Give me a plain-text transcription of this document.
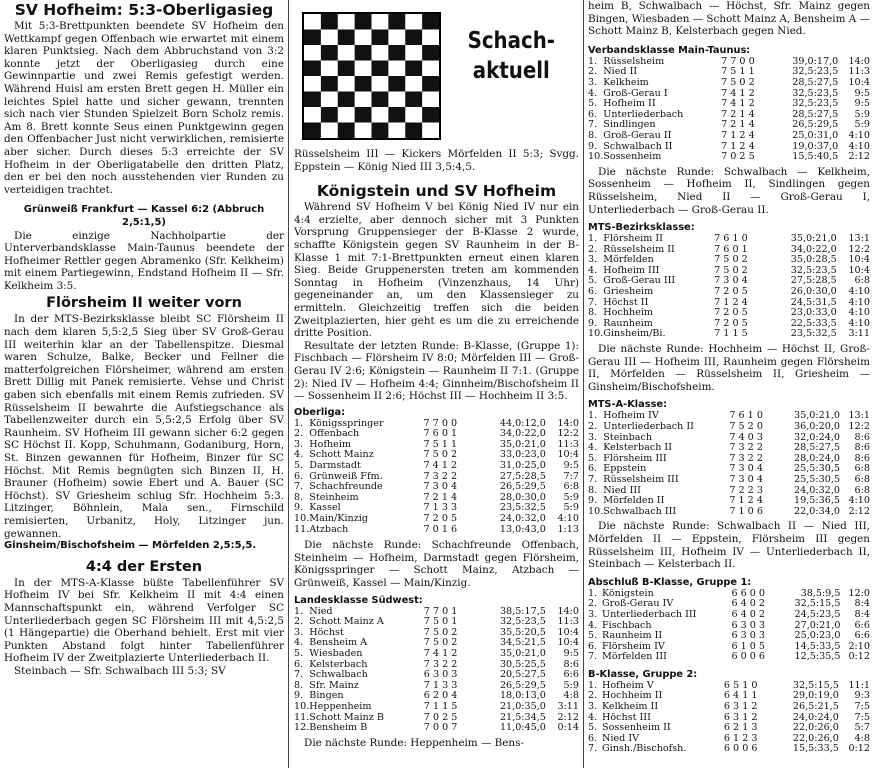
SV Hofheim: 5:3-Oberligasieg

Mit 5:3-Brettpunkten beendete SV Hofheim den Wettkampf gegen Offenbach wie erwartet mit einem klaren Punktsieg. Nach dem Abbruchstand von 3:2 konnte jetzt der Oberligasieg durch eine Gewinnpartie und zwei Remis gefestigt werden. Während Huisl am ersten Brett gegen H. Müller ein leichtes Spiel hatte und sicher gewann, trennten sich nach vier Stunden Spielzeit Born Scholz remis. Am 8. Brett konnte Seus einen Punktgewinn gegen den Offenbacher Just nicht verwirklichen, remisierte aber sicher. Durch dieses 5:3 erreichte der SV Hofheim in der Oberligatabelle den dritten Platz, den er bei den noch ausstehenden vier Runden zu verteidigen trachtet.

Grünweiß Frankfurt — Kassel 6:2 (Abbruch 2,5:1,5)

Die einzige Nachholpartie der Unterverbandsklasse Main-Taunus beendete der Hofheimer Rettler gegen Abramenko (Sfr. Kelkheim) mit einem Partiegewinn, Endstand Hofheim II — Sfr. Kelkheim 3:5.

Flörsheim II weiter vorn

In der MTS-Bezirksklasse bleibt SC Flörsheim II nach dem klaren 5,5:2,5 Sieg über SV Groß-Gerau III weiterhin klar an der Tabellenspitze. Diesmal waren Schulze, Balke, Becker und Fellner die matterfolgreichen Flörsheimer, während am ersten Brett Dillig mit Panek remisierte. Vehse und Christ gaben sich ebenfalls mit einem Remis zufrieden. SV Rüsselsheim II bewahrte die Aufstiegschance als Tabellenzweiter durch ein 5,5:2,5 Erfolg über SV Raunheim. SV Hofheim III gewann sicher 6:2 gegen SC Höchst II. Kopp, Schuhmann, Godaniburg, Horn, St. Binzen gewannen für Hofheim, Binzer für SC Höchst. Mit Remis begnügten sich Binzen II, H. Brauner (Hofheim) sowie Ebert und A. Bauer (SC Höchst). SV Griesheim schlug Sfr. Hochheim 5:3. Litzinger, Böhnlein, Mala sen., Firnschild remisierten, Urbanitz, Holy, Litzinger jun. gewannen.

Ginsheim/Bischofsheim — Mörfelden 2,5:5,5.

4:4 der Ersten

In der MTS-A-Klasse büßte Tabellenführer SV Hofheim IV bei Sfr. Kelkheim II mit 4:4 einen Mannschaftspunkt ein, während Verfolger SC Unterliederbach gegen SC Flörsheim III mit 4,5:2,5 (1 Hängepartie) die Oberhand behielt. Erst mit vier Punkten Abstand folgt hinter Tabellenführer Hofheim IV der Zweitplazierte Unterliederbach II.

Steinbach — Sfr. Schwalbach III 5:3; SV

Schach-aktuell

Rüsselsheim III — Kickers Mörfelden II 5:3; Svgg. Eppstein — König Nied III 3,5:4,5.

Königstein und SV Hofheim

Während SV Hofheim V bei König Nied IV nur ein 4:4 erzielte, aber dennoch sicher mit 3 Punkten Vorsprung Gruppensieger der B-Klasse 2 wurde, schaffte Königstein gegen SV Raunheim in der B-Klasse 1 mit 7:1-Brettpunkten erneut einen klaren Sieg. Beide Gruppenersten treten am kommenden Sonntag in Hofheim (Vinzenzhaus, 14 Uhr) gegeneinander an, um den Klassensieger zu ermitteln. Gleichzeitig treffen sich die beiden Zweitplazierten, hier geht es um die zu erreichende dritte Position.

Resultate der letzten Runde: B-Klasse, (Gruppe 1): Fischbach — Flörsheim IV 8:0; Mörfelden III — Groß-Gerau IV 2:6; Königstein — Raunheim II 7:1. (Gruppe 2): Nied IV — Hofheim 4:4; Ginnheim/Bischofsheim II — Sossenheim II 2:6; Höchst III — Hochheim II 3:5.

Oberliga:
1.	Königsspringer	7 7 0 0	44,0:12,0	14:0
2.	Offenbach	7 6 0 1	34,0:22,0	12:2
3.	Hofheim	7 5 1 1	35,0:21,0	11:3
4.	Schott Mainz	7 5 0 2	33,0:23,0	10:4
5.	Darmstadt	7 4 1 2	31,0:25,0	9:5
6.	Grünweiß Ffm.	7 3 2 2	27,5:28,5	7:7
7.	Schachfreunde	7 3 0 4	26,5:29,5	6:8
8.	Steinheim	7 2 1 4	28,0:30,0	5:9
9.	Kassel	7 1 3 3	23,5:32,5	5:9
10.	Main/Kinzig	7 2 0 5	24,0:32,0	4:10
11.	Atzbach	7 0 1 6	13,0:43,0	1:13

Die nächste Runde: Schachfreunde Offenbach, Steinheim — Hofheim, Darmstadt gegen Flörsheim, Königsspringer — Schott Mainz, Atzbach — Grünweiß, Kassel — Main/Kinzig.

Landesklasse Südwest:
1.	Nied	7 7 0 1	38,5:17,5	14:0
2.	Schott Mainz A	7 5 0 1	32,5:23,5	11:3
3.	Höchst	7 5 0 2	35,5:20,5	10:4
4.	Bensheim A	7 5 0 2	34,5:21,5	10:4
5.	Wiesbaden	7 4 1 2	35,0:21,0	9:5
6.	Kelsterbach	7 3 2 2	30,5:25,5	8:6
7.	Schwalbach	6 3 0 3	20,5:27,5	6:6
8.	Sfr. Mainz	7 1 3 3	26,5:29,5	5:9
9.	Bingen	6 2 0 4	18,0:13,0	4:8
10.	Heppenheim	7 1 1 5	21,0:35,0	3:11
11.	Schott Mainz B	7 0 2 5	21,5:34,5	2:12
12.	Bensheim B	7 0 0 7	11,0:45,0	0:14

Die nächste Runde: Heppenheim — Bens-

heim B, Schwalbach — Höchst, Sfr. Mainz gegen Bingen, Wiesbaden — Schott Mainz A, Bensheim A — Schott Mainz B, Kelsterbach gegen Nied.

Verbandsklasse Main-Taunus:
1.	Rüsselsheim	7 7 0 0	39,0:17,0	14:0
2.	Nied II	7 5 1 1	32,5:23,5	11:3
3.	Kelkheim	7 5 0 2	28,5:27,5	10:4
4.	Groß-Gerau I	7 4 1 2	32,5:23,5	9:5
5.	Hofheim II	7 4 1 2	32,5:23,5	9:5
6.	Unterliederbach	7 2 1 4	28,5:27,5	5:9
7.	Sindlingen	7 2 1 4	26,5:29,5	5:9
8.	Groß-Gerau II	7 1 2 4	25,0:31,0	4:10
9.	Schwalbach II	7 1 2 4	19,0:37,0	4:10
10.	Sossenheim	7 0 2 5	15,5:40,5	2:12

Die nächste Runde: Schwalbach — Kelkheim, Sossenheim — Hofheim II, Sindlingen gegen Rüsselsheim, Nied II — Groß-Gerau I, Unterliederbach — Groß-Gerau II.

MTS-Bezirksklasse:
1.	Flörsheim II	7 6 1 0	35,0:21,0	13:1
2.	Rüsselsheim II	7 6 0 1	34,0:22,0	12:2
3.	Mörfelden	7 5 0 2	35,0:28,5	10:4
4.	Hofheim III	7 5 0 2	32,5:23,5	10:4
5.	Groß-Gerau III	7 3 0 4	27,5:28,5	6:8
6.	Griesheim	7 2 0 5	26,0:30,0	4:10
7.	Höchst II	7 1 2 4	24,5:31,5	4:10
8.	Hochheim	7 2 0 5	23,0:33,0	4:10
9.	Raunheim	7 2 0 5	22,5:33,5	4:10
10.	Ginsheim/Bi.	7 1 1 5	23,5:32,5	3:11

Die nächste Runde: Hochheim — Höchst II, Groß-Gerau III — Hofheim III, Raunheim gegen Flörsheim II, Mörfelden — Rüsselsheim II, Griesheim — Ginsheim/Bischofsheim.

MTS-A-Klasse:
1.	Hofheim IV	7 6 1 0	35,0:21,0	13:1
2.	Unterliederbach II	7 5 2 0	36,0:20,0	12:2
3.	Steinbach	7 4 0 3	32,0:24,0	8:6
4.	Kelsterbach II	7 3 2 2	28,5:27,5	8:6
5.	Flörsheim III	7 3 2 2	28,0:24,0	8:6
6.	Eppstein	7 3 0 4	25,5:30,5	6:8
7.	Rüsselsheim III	7 3 0 4	25,5:30,5	6:8
8.	Nied III	7 2 2 3	24,0:32,0	6:8
9.	Mörfelden II	7 1 2 4	19,5:36,5	4:10
10.	Schwalbach III	7 1 0 6	22,0:34,0	2:12

Die nächste Runde: Schwalbach II — Nied III, Mörfelden II — Eppstein, Flörsheim III gegen Rüsselsheim III, Hofheim IV — Unterliederbach II, Steinbach — Kelsterbach II.

Abschluß B-Klasse, Gruppe 1:
1.	Königstein	6 6 0 0	38,5:9,5	12:0
2.	Groß-Gerau IV	6 4 0 2	32,5:15,5	8:4
3.	Unterliederbach III	6 4 0 2	24,5:23,5	8:4
4.	Fischbach	6 3 0 3	27,0:21,0	6:6
5.	Raunheim II	6 3 0 3	25,0:23,0	6:6
6.	Flörsheim IV	6 1 0 5	14,5:33,5	2:10
7.	Mörfelden III	6 0 0 6	12,5:35,5	0:12
B-Klasse, Gruppe 2:
1.	Hofheim V	6 5 1 0	32,5:15,5	11:1
2.	Hochheim II	6 4 1 1	29,0:19,0	9:3
3.	Kelkheim II	6 3 1 2	26,5:21,5	7:5
4.	Höchst III	6 3 1 2	24,0:24,0	7:5
5.	Sossenheim II	6 2 1 3	22,0:26,0	5:7
6.	Nied IV	6 1 2 3	22,0:26,0	4:8
7.	Ginsh./Bischofsh.	6 0 0 6	15,5:33,5	0:12
